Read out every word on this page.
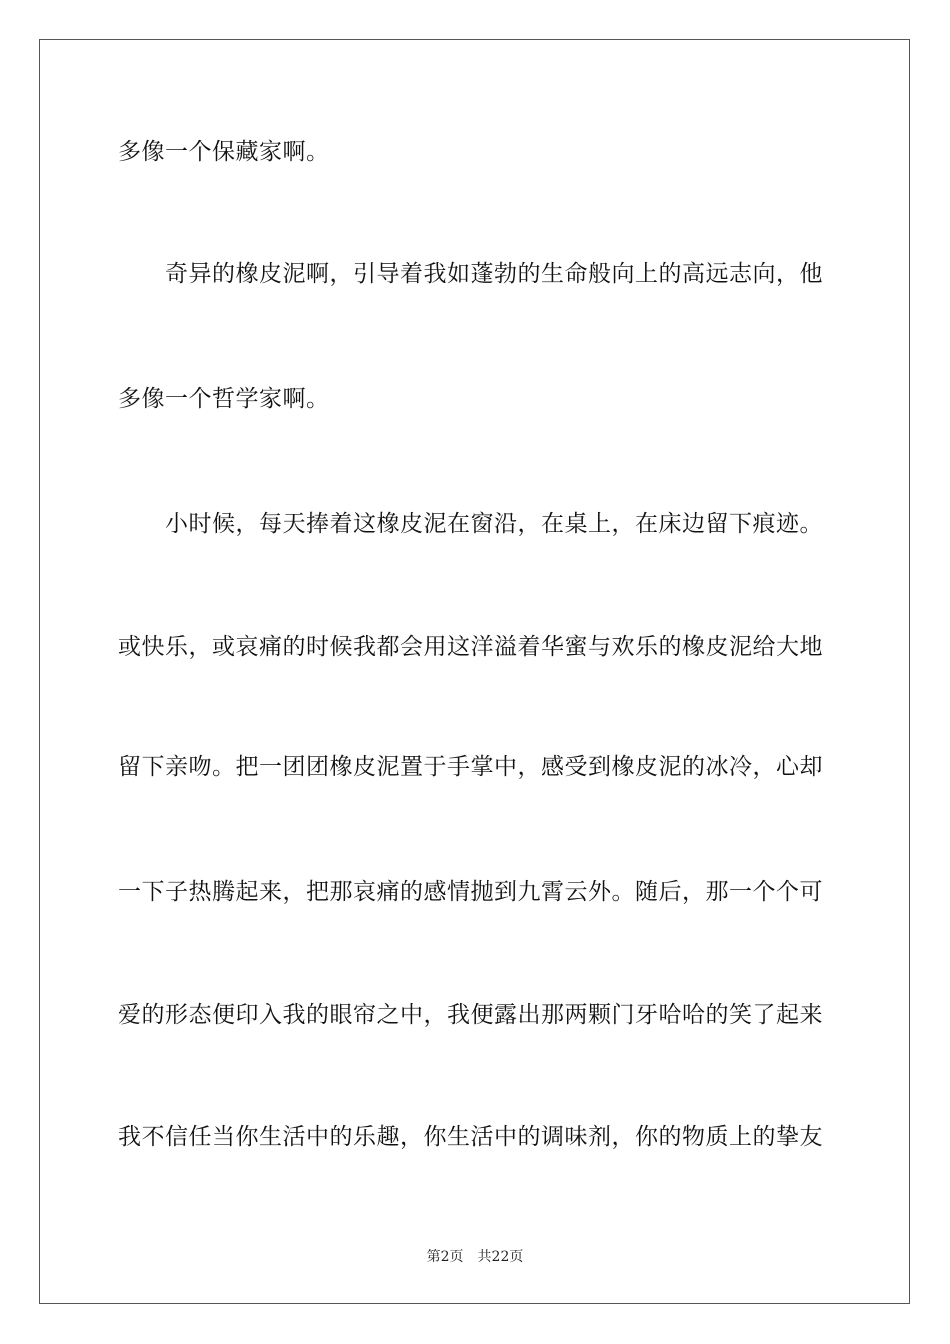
多像一个保藏家啊。
奇异的橡皮泥啊，引导着我如蓬勃的生命般向上的高远志向，他
多像一个哲学家啊。
小时候，每天捧着这橡皮泥在窗沿，在桌上，在床边留下痕迹。
或快乐，或哀痛的时候我都会用这洋溢着华蜜与欢乐的橡皮泥给大地
留下亲吻。把一团团橡皮泥置于手掌中，感受到橡皮泥的冰冷，心却
一下子热腾起来，把那哀痛的感情抛到九霄云外。随后，那一个个可
爱的形态便印入我的眼帘之中，我便露出那两颗门牙哈哈的笑了起来
我不信任当你生活中的乐趣，你生活中的调味剂，你的物质上的挚友
第2页 共22页
